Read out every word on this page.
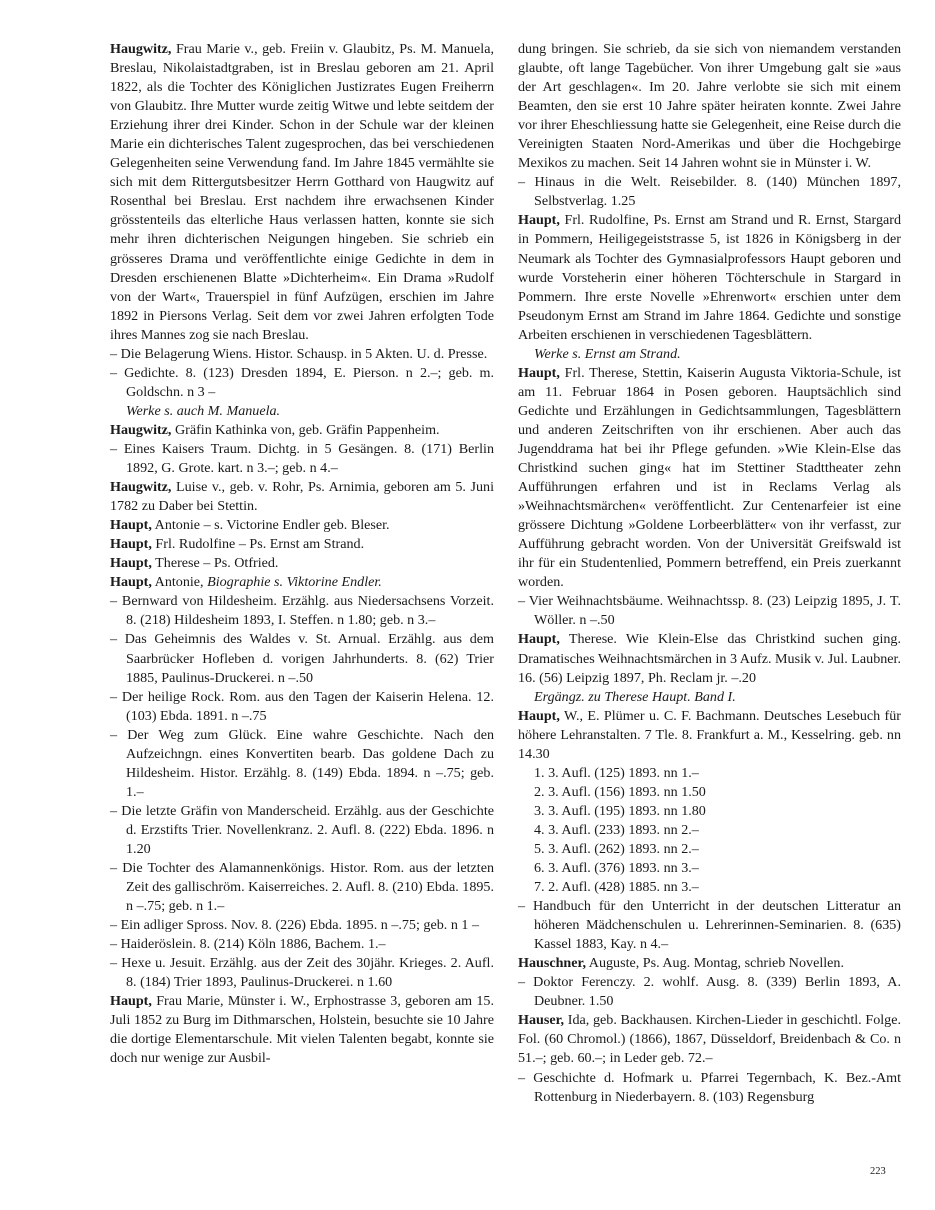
Haugwitz, Frau Marie v., geb. Freiin v. Glaubitz, Ps. M. Manuela, Breslau, Nikolaistadtgraben, ist in Breslau geboren am 21. April 1822, als die Tochter des Königlichen Justizrates Eugen Freiherrn von Glaubitz. Ihre Mutter wurde zeitig Witwe und lebte seitdem der Erziehung ihrer drei Kinder. Schon in der Schule war der kleinen Marie ein dichterisches Talent zugesprochen, das bei verschiedenen Gelegenheiten seine Verwendung fand. Im Jahre 1845 vermählte sie sich mit dem Rittergutsbesitzer Herrn Gotthard von Haugwitz auf Rosenthal bei Breslau. Erst nachdem ihre erwachsenen Kinder grösstenteils das elterliche Haus verlassen hatten, konnte sie sich mehr ihren dichterischen Neigungen hingeben. Sie schrieb ein grösseres Drama und veröffentlichte einige Gedichte in dem in Dresden erschienenen Blatte »Dichterheim«. Ein Drama »Rudolf von der Wart«, Trauerspiel in fünf Aufzügen, erschien im Jahre 1892 in Piersons Verlag. Seit dem vor zwei Jahren erfolgten Tode ihres Mannes zog sie nach Breslau.
– Die Belagerung Wiens. Histor. Schausp. in 5 Akten. U. d. Presse.
– Gedichte. 8. (123) Dresden 1894, E. Pierson. n 2.–; geb. m. Goldschn. n 3 –
Werke s. auch M. Manuela.
Haugwitz, Gräfin Kathinka von, geb. Gräfin Pappenheim.
– Eines Kaisers Traum. Dichtg. in 5 Gesängen. 8. (171) Berlin 1892, G. Grote. kart. n 3.–; geb. n 4.–
Haugwitz, Luise v., geb. v. Rohr, Ps. Arnimia, geboren am 5. Juni 1782 zu Daber bei Stettin.
Haupt, Antonie – s. Victorine Endler geb. Bleser.
Haupt, Frl. Rudolfine – Ps. Ernst am Strand.
Haupt, Therese – Ps. Otfried.
Haupt, Antonie, Biographie s. Viktorine Endler.
– Bernward von Hildesheim. Erzählg. aus Niedersachsens Vorzeit. 8. (218) Hildesheim 1893, I. Steffen. n 1.80; geb. n 3.–
– Das Geheimnis des Waldes v. St. Arnual. Erzählg. aus dem Saarbrücker Hofleben d. vorigen Jahrhunderts. 8. (62) Trier 1885, Paulinus-Druckerei. n –.50
– Der heilige Rock. Rom. aus den Tagen der Kaiserin Helena. 12. (103) Ebda. 1891. n –.75
– Der Weg zum Glück. Eine wahre Geschichte. Nach den Aufzeichngn. eines Konvertiten bearb. Das goldene Dach zu Hildesheim. Histor. Erzählg. 8. (149) Ebda. 1894. n –.75; geb. 1.–
– Die letzte Gräfin von Manderscheid. Erzählg. aus der Geschichte d. Erzstifts Trier. Novellenkranz. 2. Aufl. 8. (222) Ebda. 1896. n 1.20
– Die Tochter des Alamannenkönigs. Histor. Rom. aus der letzten Zeit des gallischröm. Kaiserreiches. 2. Aufl. 8. (210) Ebda. 1895. n –.75; geb. n 1.–
– Ein adliger Spross. Nov. 8. (226) Ebda. 1895. n –.75; geb. n 1 –
– Haideröslein. 8. (214) Köln 1886, Bachem. 1.–
– Hexe u. Jesuit. Erzählg. aus der Zeit des 30jähr. Krieges. 2. Aufl. 8. (184) Trier 1893, Paulinus-Druckerei. n 1.60
Haupt, Frau Marie, Münster i. W., Erphostrasse 3, geboren am 15. Juli 1852 zu Burg im Dithmarschen, Holstein, besuchte sie 10 Jahre die dortige Elementarschule. Mit vielen Talenten begabt, konnte sie doch nur wenige zur Ausbil-
dung bringen. Sie schrieb, da sie sich von niemandem verstanden glaubte, oft lange Tagebücher. Von ihrer Umgebung galt sie »aus der Art geschlagen«. Im 20. Jahre verlobte sie sich mit einem Beamten, den sie erst 10 Jahre später heiraten konnte. Zwei Jahre vor ihrer Eheschliessung hatte sie Gelegenheit, eine Reise durch die Vereinigten Staaten Nord-Amerikas und über die Hochgebirge Mexikos zu machen. Seit 14 Jahren wohnt sie in Münster i. W.
– Hinaus in die Welt. Reisebilder. 8. (140) München 1897, Selbstverlag. 1.25
Haupt, Frl. Rudolfine, Ps. Ernst am Strand und R. Ernst, Stargard in Pommern, Heiligegeiststrasse 5, ist 1826 in Königsberg in der Neumark als Tochter des Gymnasialprofessors Haupt geboren und wurde Vorsteherin einer höheren Töchterschule in Stargard in Pommern. Ihre erste Novelle »Ehrenwort« erschien unter dem Pseudonym Ernst am Strand im Jahre 1864. Gedichte und sonstige Arbeiten erschienen in verschiedenen Tagesblättern.
Werke s. Ernst am Strand.
Haupt, Frl. Therese, Stettin, Kaiserin Augusta Viktoria-Schule, ist am 11. Februar 1864 in Posen geboren. Hauptsächlich sind Gedichte und Erzählungen in Gedichtsammlungen, Tagesblättern und anderen Zeitschriften von ihr erschienen. Aber auch das Jugenddrama hat bei ihr Pflege gefunden. »Wie Klein-Else das Christkind suchen ging« hat im Stettiner Stadttheater zehn Aufführungen erfahren und ist in Reclams Verlag als »Weihnachtsmärchen« veröffentlicht. Zur Centenarfeier ist eine grössere Dichtung »Goldene Lorbeerblätter« von ihr verfasst, zur Aufführung gebracht worden. Von der Universität Greifswald ist ihr für ein Studentenlied, Pommern betreffend, ein Preis zuerkannt worden.
– Vier Weihnachtsbäume. Weihnachtssp. 8. (23) Leipzig 1895, J. T. Wöller. n –.50
Haupt, Therese. Wie Klein-Else das Christkind suchen ging. Dramatisches Weihnachtsmärchen in 3 Aufz. Musik v. Jul. Laubner. 16. (56) Leipzig 1897, Ph. Reclam jr. –.20
Ergängz. zu Therese Haupt. Band I.
Haupt, W., E. Plümer u. C. F. Bachmann. Deutsches Lesebuch für höhere Lehranstalten. 7 Tle. 8. Frankfurt a. M., Kesselring. geb. nn 14.30
1. 3. Aufl. (125) 1893. nn 1.–
2. 3. Aufl. (156) 1893. nn 1.50
3. 3. Aufl. (195) 1893. nn 1.80
4. 3. Aufl. (233) 1893. nn 2.–
5. 3. Aufl. (262) 1893. nn 2.–
6. 3. Aufl. (376) 1893. nn 3.–
7. 2. Aufl. (428) 1885. nn 3.–
– Handbuch für den Unterricht in der deutschen Litteratur an höheren Mädchenschulen u. Lehrerinnen-Seminarien. 8. (635) Kassel 1883, Kay. n 4.–
Hauschner, Auguste, Ps. Aug. Montag, schrieb Novellen.
– Doktor Ferenczy. 2. wohlf. Ausg. 8. (339) Berlin 1893, A. Deubner. 1.50
Hauser, Ida, geb. Backhausen. Kirchen-Lieder in geschichtl. Folge. Fol. (60 Chromol.) (1866), 1867, Düsseldorf, Breidenbach & Co. n 51.–; geb. 60.–; in Leder geb. 72.–
– Geschichte d. Hofmark u. Pfarrei Tegernbach, K. Bez.-Amt Rottenburg in Niederbayern. 8. (103) Regensburg
223
